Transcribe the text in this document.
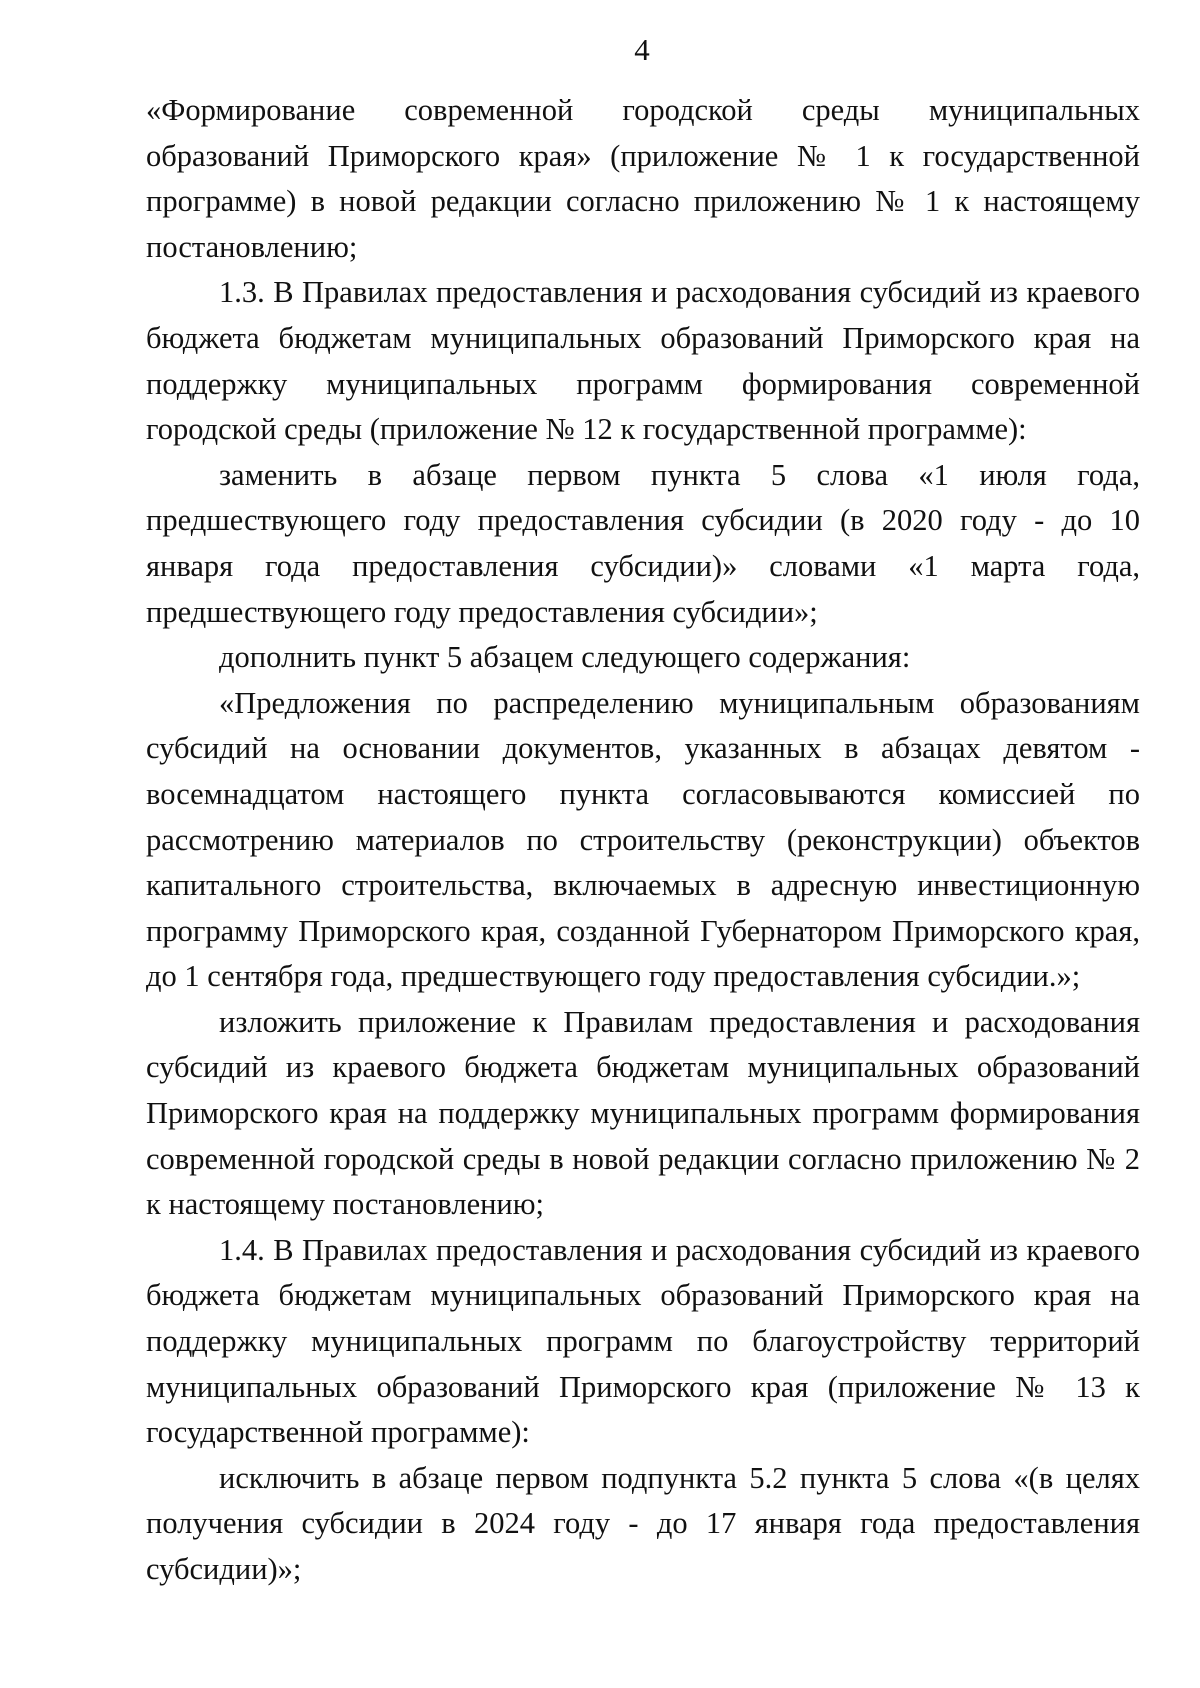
4

«Формирование современной городской среды муниципальных образований Приморского края» (приложение № 1 к государственной программе) в новой редакции согласно приложению № 1 к настоящему постановлению;

1.3. В Правилах предоставления и расходования субсидий из краевого бюджета бюджетам муниципальных образований Приморского края на поддержку муниципальных программ формирования современной городской среды (приложение № 12 к государственной программе):

заменить в абзаце первом пункта 5 слова «1 июля года, предшествующего году предоставления субсидии (в 2020 году - до 10 января года предоставления субсидии)» словами «1 марта года, предшествующего году предоставления субсидии»;

дополнить пункт 5 абзацем следующего содержания:

«Предложения по распределению муниципальным образованиям субсидий на основании документов, указанных в абзацах девятом - восемнадцатом настоящего пункта согласовываются комиссией по рассмотрению материалов по строительству (реконструкции) объектов капитального строительства, включаемых в адресную инвестиционную программу Приморского края, созданной Губернатором Приморского края, до 1 сентября года, предшествующего году предоставления субсидии.»;

изложить приложение к Правилам предоставления и расходования субсидий из краевого бюджета бюджетам муниципальных образований Приморского края на поддержку муниципальных программ формирования современной городской среды в новой редакции согласно приложению № 2 к настоящему постановлению;

1.4. В Правилах предоставления и расходования субсидий из краевого бюджета бюджетам муниципальных образований Приморского края на поддержку муниципальных программ по благоустройству территорий муниципальных образований Приморского края (приложение № 13 к государственной программе):

исключить в абзаце первом подпункта 5.2 пункта 5 слова «(в целях получения субсидии в 2024 году - до 17 января года предоставления субсидии)»;
